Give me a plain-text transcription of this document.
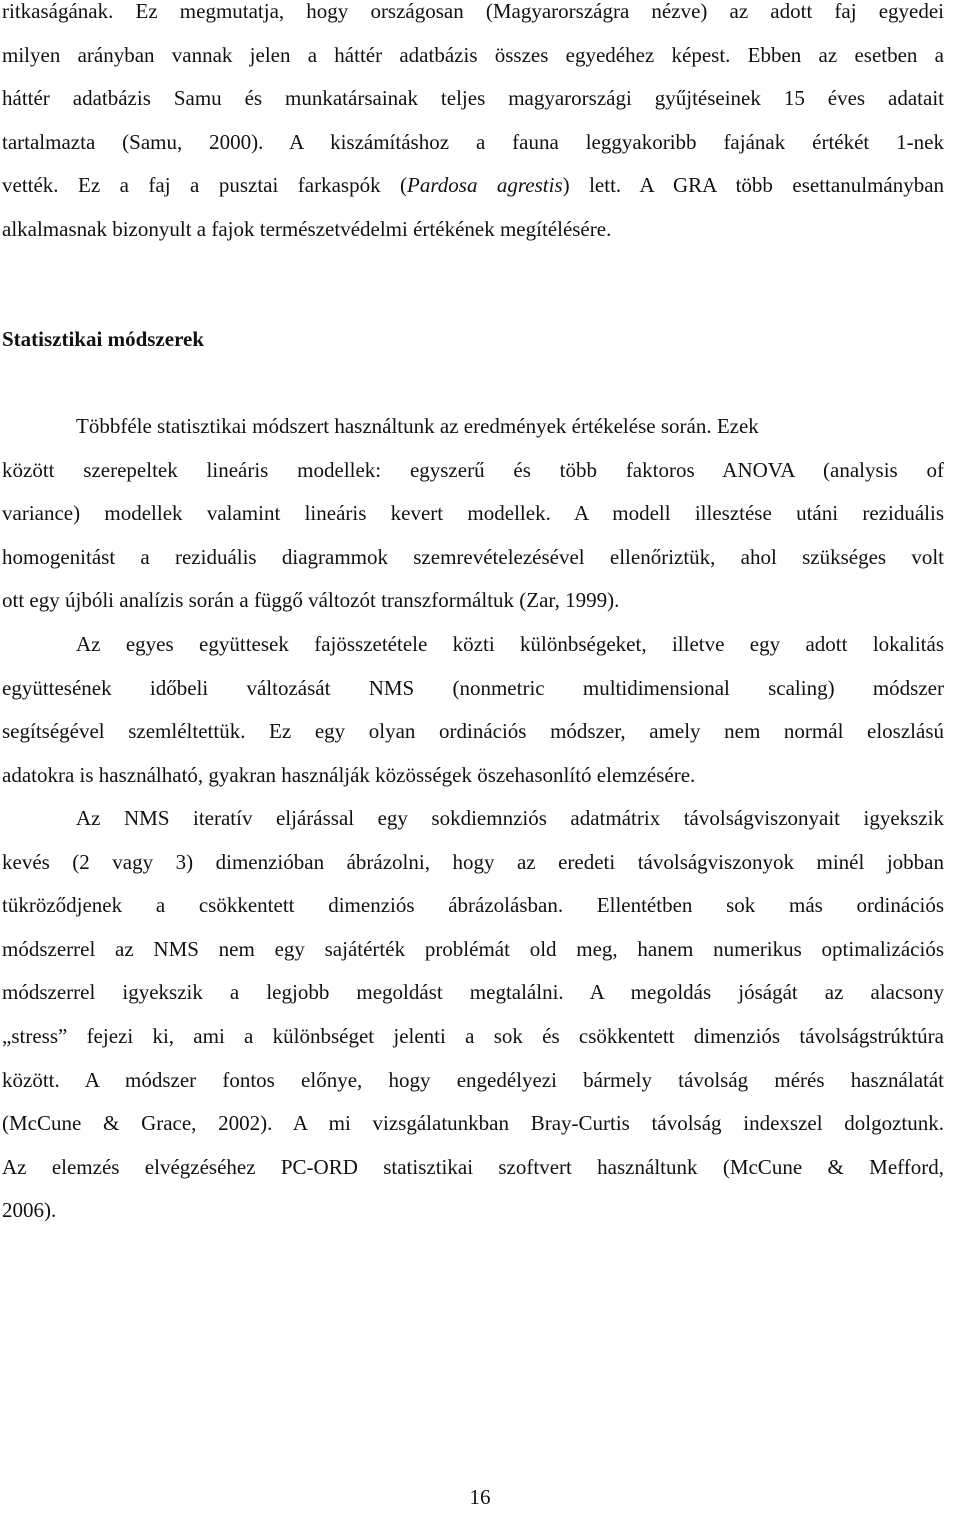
ritkaságának. Ez megmutatja, hogy országosan (Magyarországra nézve) az adott faj egyedei
milyen arányban vannak jelen a háttér adatbázis összes egyedéhez képest. Ebben az esetben a
háttér adatbázis Samu és munkatársainak teljes magyarországi gyűjtéseinek 15 éves adatait
tartalmazta (Samu, 2000). A kiszámításhoz a fauna leggyakoribb fajának értékét 1-nek
vették. Ez a faj a pusztai farkaspók (Pardosa agrestis) lett. A GRA több esettanulmányban
alkalmasnak bizonyult a fajok természetvédelmi értékének megítélésére.
Statisztikai módszerek
Többféle statisztikai módszert használtunk az eredmények értékelése során. Ezek
között szerepeltek lineáris modellek: egyszerű és több faktoros ANOVA (analysis of
variance) modellek valamint lineáris kevert modellek. A modell illesztése utáni reziduális
homogenitást a reziduális diagrammok szemrevételezésével ellenőriztük, ahol szükséges volt
ott egy újbóli analízis során a függő változót transzformáltuk (Zar, 1999).
Az egyes együttesek fajösszetétele közti különbségeket, illetve egy adott lokalitás
együttesének időbeli változását NMS (nonmetric multidimensional scaling) módszer
segítségével szemléltettük. Ez egy olyan ordinációs módszer, amely nem normál eloszlású
adatokra is használható, gyakran használják közösségek öszehasonlító elemzésére.
Az NMS iteratív eljárással egy sokdiemnziós adatmátrix távolságviszonyait igyekszik
kevés (2 vagy 3) dimenzióban ábrázolni, hogy az eredeti távolságviszonyok minél jobban
tükröződjenek a csökkentett dimenziós ábrázolásban. Ellentétben sok más ordinációs
módszerrel az NMS nem egy sajátérték problémát old meg, hanem numerikus optimalizációs
módszerrel igyekszik a legjobb megoldást megtalálni. A megoldás jóságát az alacsony
„stress” fejezi ki, ami a különbséget jelenti a sok és csökkentett dimenziós távolságstrúktúra
között. A módszer fontos előnye, hogy engedélyezi bármely távolság mérés használatát
(McCune & Grace, 2002). A mi vizsgálatunkban Bray-Curtis távolság indexszel dolgoztunk.
Az elemzés elvégzéséhez PC-ORD statisztikai szoftvert használtunk (McCune & Mefford,
2006).
16
